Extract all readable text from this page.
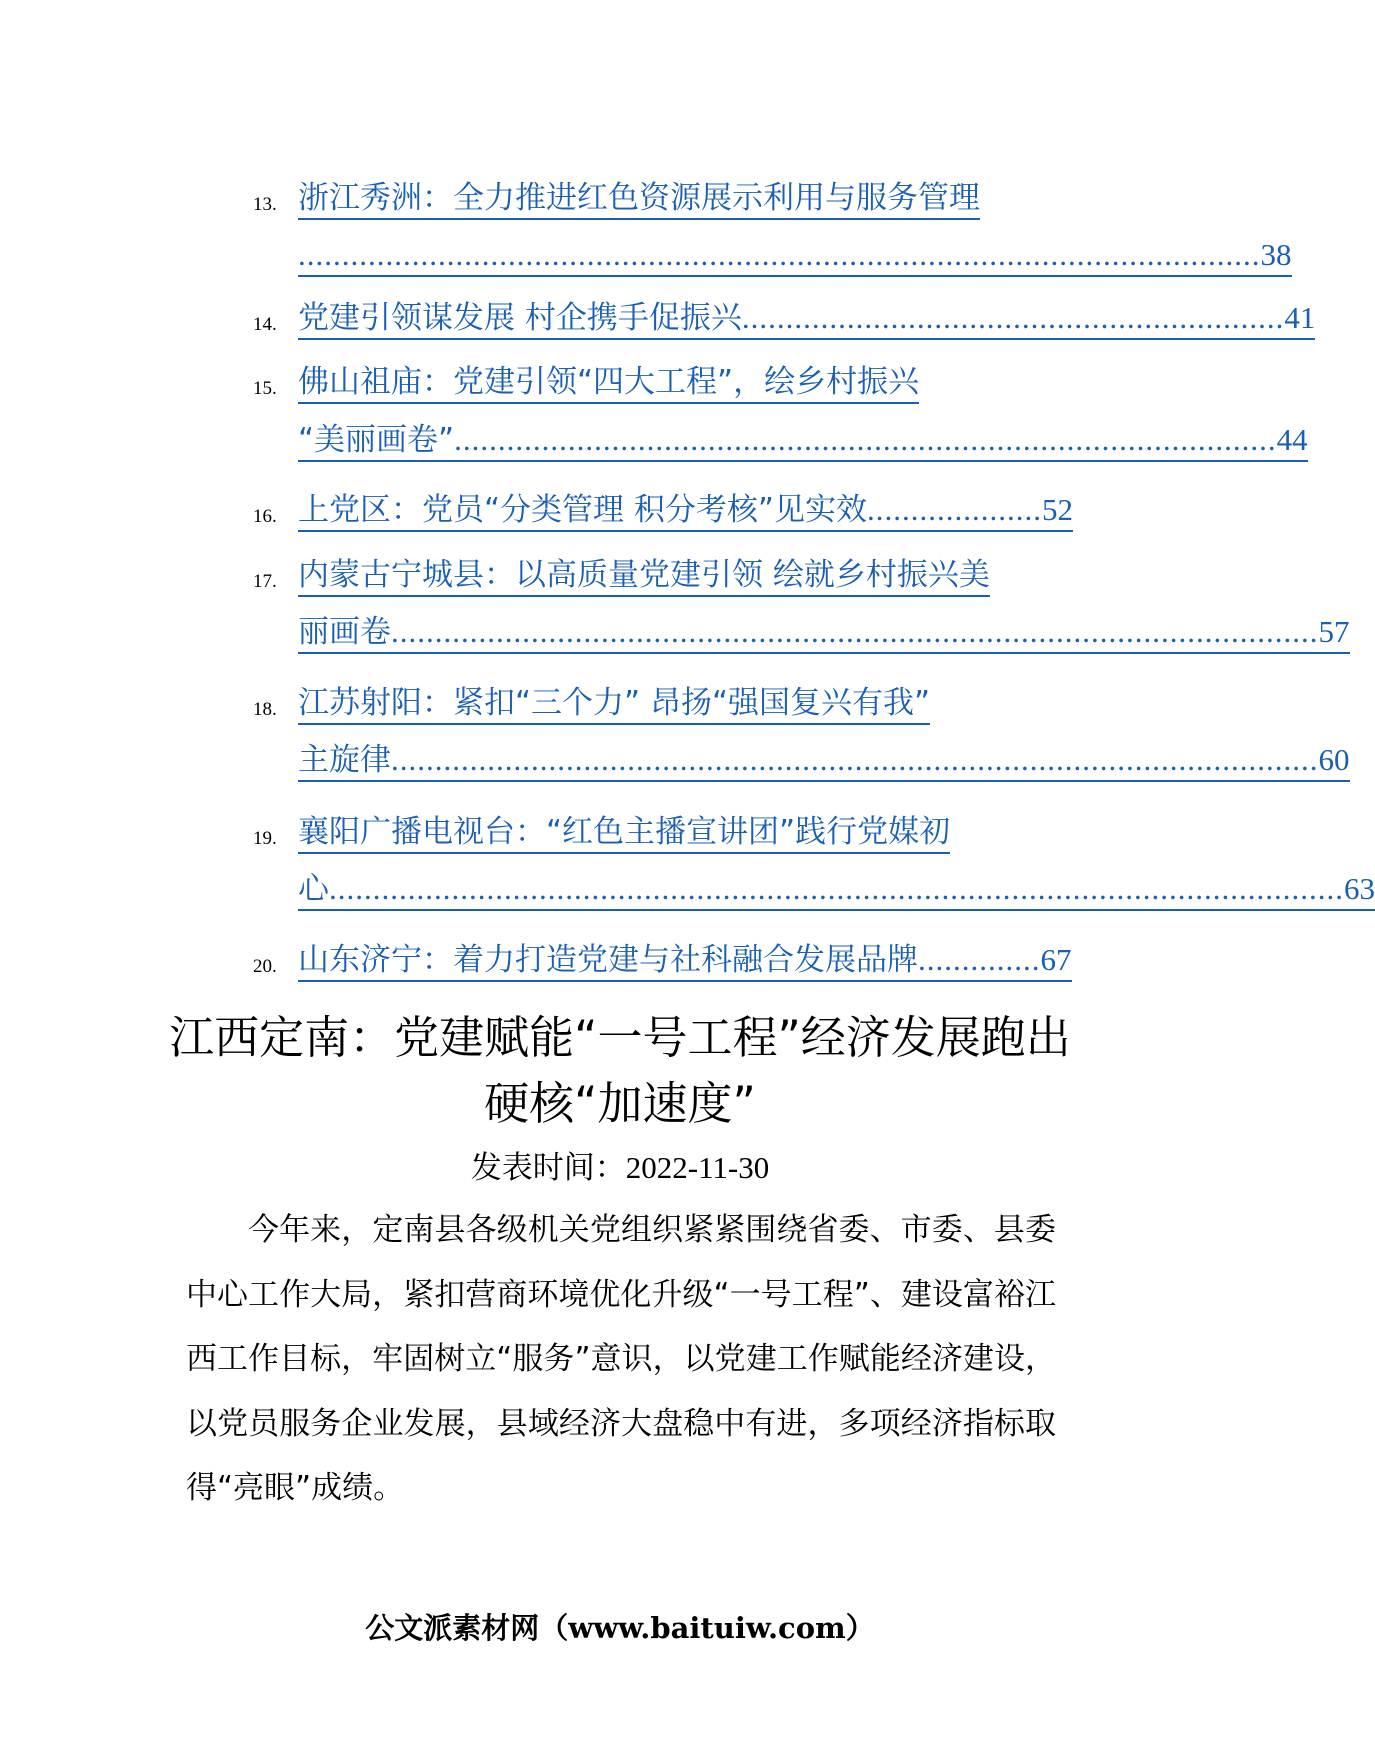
13. 浙江秀洲：全力推进红色资源展示利用与服务管理
.............................................................................................................. 38
14. 党建引领谋发展 村企携手促振兴 .............................................................. 41
15. 佛山祖庙：党建引领“四大工程”，绘乡村振兴
“美丽画卷” .............................................................................................. 44
16. 上党区：党员“分类管理 积分考核”见实效 .................... 52
17. 内蒙古宁城县：以高质量党建引领 绘就乡村振兴美
丽画卷 .......................................................................................................... 57
18. 江苏射阳：紧扣“三个力” 昂扬“强国复兴有我”
主旋律 .......................................................................................................... 60
19. 襄阳广播电视台：“红色主播宣讲团”践行党媒初
心 .................................................................................................................... 63
20. 山东济宁：着力打造党建与社科融合发展品牌 .............. 67
江西定南：党建赋能“一号工程”经济发展跑出硬核“加速度”
发表时间：2022-11-30

今年来，定南县各级机关党组织紧紧围绕省委、市委、县委中心工作大局，紧扣营商环境优化升级“一号工程”、建设富裕江西工作目标，牢固树立“服务”意识，以党建工作赋能经济建设，以党员服务企业发展，县域经济大盘稳中有进，多项经济指标取得“亮眼”成绩。

公文派素材网（www.baituiw.com）
